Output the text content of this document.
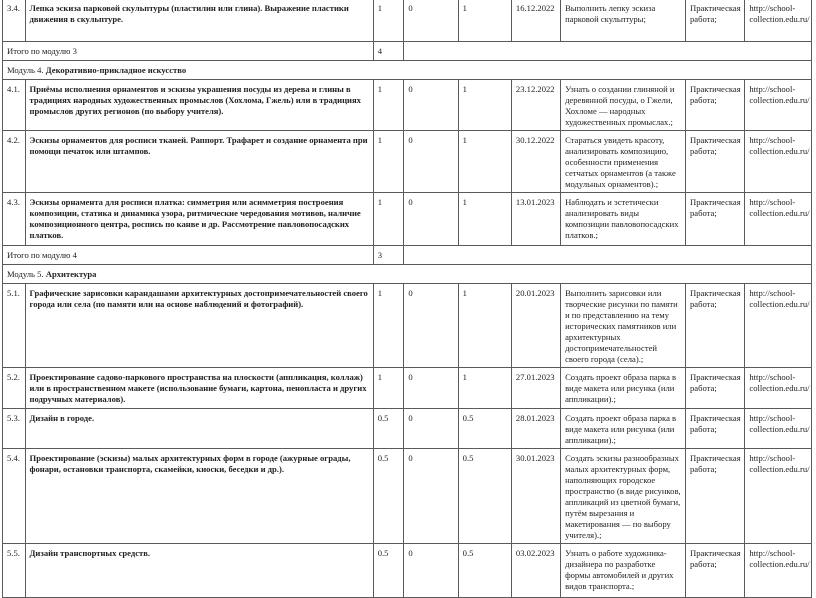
3.4.	Лепка эскиза парковой скульптуры (пластилин или глина). Выражение пластики движения в скульптуре.	1	0	1	16.12.2022	Выполнить лепку эскиза парковой скульптуры;	Практическая работа;	http://school-collection.edu.ru/
Итого по модулю 3		4						
Модуль 4. Декоративно-прикладное искусство								
4.1.	Приёмы исполнения орнаментов и эскизы украшения посуды из дерева и глины в традициях народных художественных промыслов (Хохлома, Гжель) или в традициях промыслов других регионов (по выбору учителя).	1	0	1	23.12.2022	Узнать о создании глиняной и деревянной посуды, о Гжели, Хохломе — народных художественных промыслах.;	Практическая работа;	http://school-collection.edu.ru/
4.2.	Эскизы орнаментов для росписи тканей. Раппорт. Трафарет и создание орнамента при помощи печаток или штампов.	1	0	1	30.12.2022	Стараться увидеть красоту, анализировать композицию, особенности применения сетчатых орнаментов (а также модульных орнаментов).;	Практическая работа;	http://school-collection.edu.ru/
4.3.	Эскизы орнамента для росписи платка: симметрия или асимметрия построения композиции, статика и динамика узора, ритмические чередования мотивов, наличие композиционного центра, роспись по канве и др. Рассмотрение павловопосадских платков.	1	0	1	13.01.2023	Наблюдать и эстетически анализировать виды композиции павловопосадских платков.;	Практическая работа;	http://school-collection.edu.ru/
Итого по модулю 4		3						
Модуль 5. Архитектура								
5.1.	Графические зарисовки карандашами архитектурных достопримечательностей своего города или села (по памяти или на основе наблюдений и фотографий).	1	0	1	20.01.2023	Выполнить зарисовки или творческие рисунки по памяти и по представлению на тему исторических памятников или архитектурных достопримечательностей своего города (села).;	Практическая работа;	http://school-collection.edu.ru/
5.2.	Проектирование садово-паркового пространства на плоскости (аппликация, коллаж) или в пространственном макете (использование бумаги, картона, пенопласта и других подручных материалов).	1	0	1	27.01.2023	Создать проект образа парка в виде макета или рисунка (или аппликации).;	Практическая работа;	http://school-collection.edu.ru/
5.3.	Дизайн в городе.	0.5	0	0.5	28.01.2023	Создать проект образа парка в виде макета или рисунка (или аппликации).;	Практическая работа;	http://school-collection.edu.ru/
5.4.	Проектирование (эскизы) малых архитектурных форм в городе (ажурные ограды, фонари, остановки транспорта, скамейки, киоски, беседки и др.).	0.5	0	0.5	30.01.2023	Создать эскизы разнообразных малых архитектурных форм, наполняющих городское пространство (в виде рисунков, аппликаций из цветной бумаги, путём вырезания и макетирования — по выбору учителя).;	Практическая работа;	http://school-collection.edu.ru/
5.5.	Дизайн транспортных средств.	0.5	0	0.5	03.02.2023	Узнать о работе художника-дизайнера по разработке формы автомобилей и других видов транспорта.;	Практическая работа;	http://school-collection.edu.ru/
